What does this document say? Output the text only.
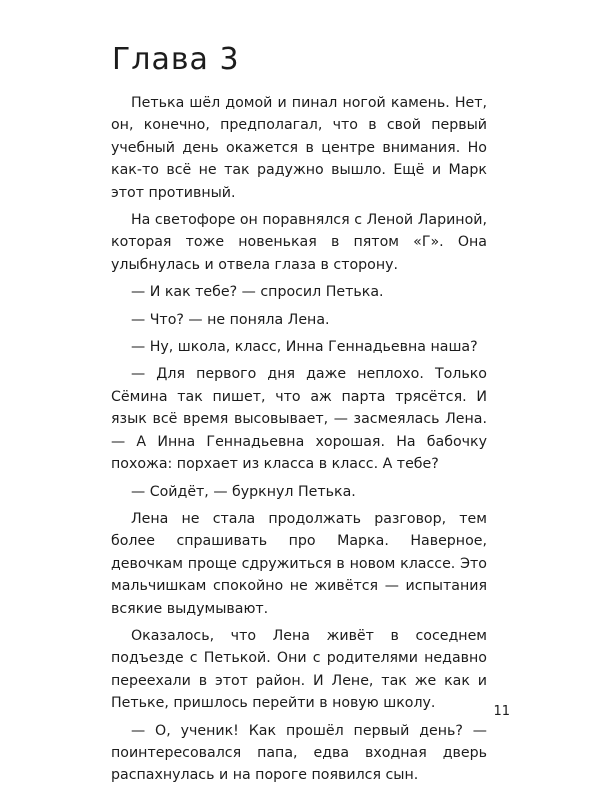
Глава 3

Петька шёл домой и пинал ногой камень. Нет, он, конечно, предполагал, что в свой первый учебный день окажется в центре внимания. Но как-то всё не так радужно вышло. Ещё и Марк этот противный.

На светофоре он поравнялся с Леной Лариной, которая тоже новенькая в пятом «Г». Она улыбнулась и отвела глаза в сторону.

— И как тебе? — спросил Петька.

— Что? — не поняла Лена.

— Ну, школа, класс, Инна Геннадьевна наша?

— Для первого дня даже неплохо. Только Сёмина так пишет, что аж парта трясётся. И язык всё время высовывает, — засмеялась Лена. — А Инна Геннадьевна хорошая. На бабочку похожа: порхает из класса в класс. А тебе?

— Сойдёт, — буркнул Петька.

Лена не стала продолжать разговор, тем более спрашивать про Марка. Наверное, девочкам проще сдружиться в новом классе. Это мальчишкам спокойно не живётся — испытания всякие выдумывают.

Оказалось, что Лена живёт в соседнем подъезде с Петькой. Они с родителями недавно переехали в этот район. И Лене, так же как и Петьке, пришлось перейти в новую школу.

— О, ученик! Как прошёл первый день? — поинтересовался папа, едва входная дверь распахнулась и на пороге появился сын.

11
